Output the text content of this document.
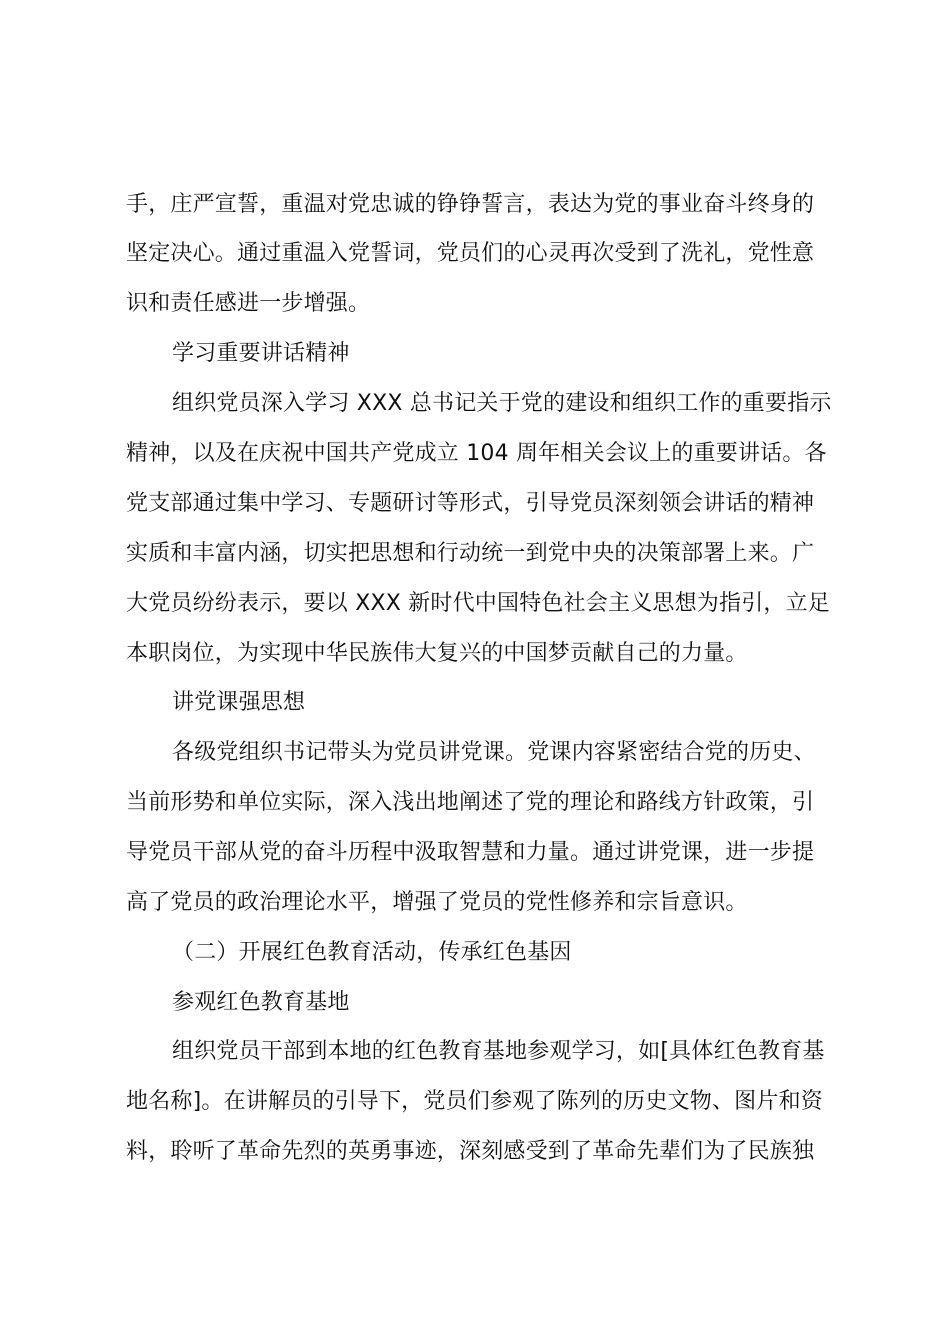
手，庄严宣誓，重温对党忠诚的铮铮誓言，表达为党的事业奋斗终身的
坚定决心。通过重温入党誓词，党员们的心灵再次受到了洗礼，党性意
识和责任感进一步增强。
学习重要讲话精神
组织党员深入学习 XXX 总书记关于党的建设和组织工作的重要指示
精神，以及在庆祝中国共产党成立 104 周年相关会议上的重要讲话。各
党支部通过集中学习、专题研讨等形式，引导党员深刻领会讲话的精神
实质和丰富内涵，切实把思想和行动统一到党中央的决策部署上来。广
大党员纷纷表示，要以 XXX 新时代中国特色社会主义思想为指引，立足
本职岗位，为实现中华民族伟大复兴的中国梦贡献自己的力量。
讲党课强思想
各级党组织书记带头为党员讲党课。党课内容紧密结合党的历史、
当前形势和单位实际，深入浅出地阐述了党的理论和路线方针政策，引
导党员干部从党的奋斗历程中汲取智慧和力量。通过讲党课，进一步提
高了党员的政治理论水平，增强了党员的党性修养和宗旨意识。
（二）开展红色教育活动，传承红色基因
参观红色教育基地
组织党员干部到本地的红色教育基地参观学习，如[具体红色教育基
地名称]。在讲解员的引导下，党员们参观了陈列的历史文物、图片和资
料，聆听了革命先烈的英勇事迹，深刻感受到了革命先辈们为了民族独
